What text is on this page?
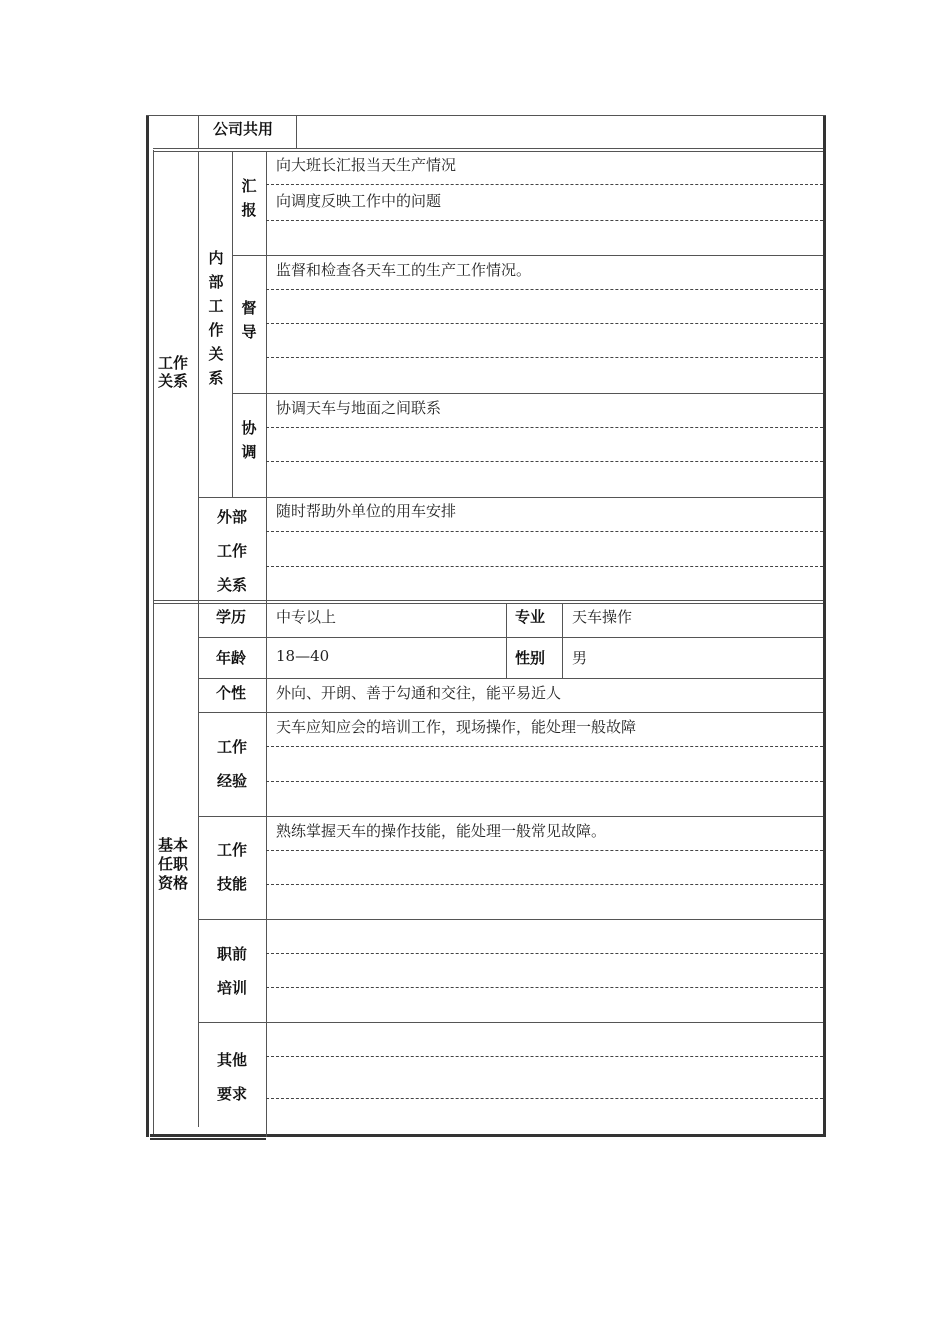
公司共用
工作
关系
内部工作关系
汇报
向大班长汇报当天生产情况
向调度反映工作中的问题
督导
监督和检查各天车工的生产工作情况。
协调
协调天车与地面之间联系
外部
工作
关系
随时帮助外单位的用车安排
基本
任职
资格
学历 中专以上	专业 天车操作
年龄 18—40	性别 男
个性 外向、开朗、善于勾通和交往，能平易近人
工作
经验
天车应知应会的培训工作，现场操作，能处理一般故障
工作
技能
熟练掌握天车的操作技能，能处理一般常见故障。
职前
培训
其他
要求
